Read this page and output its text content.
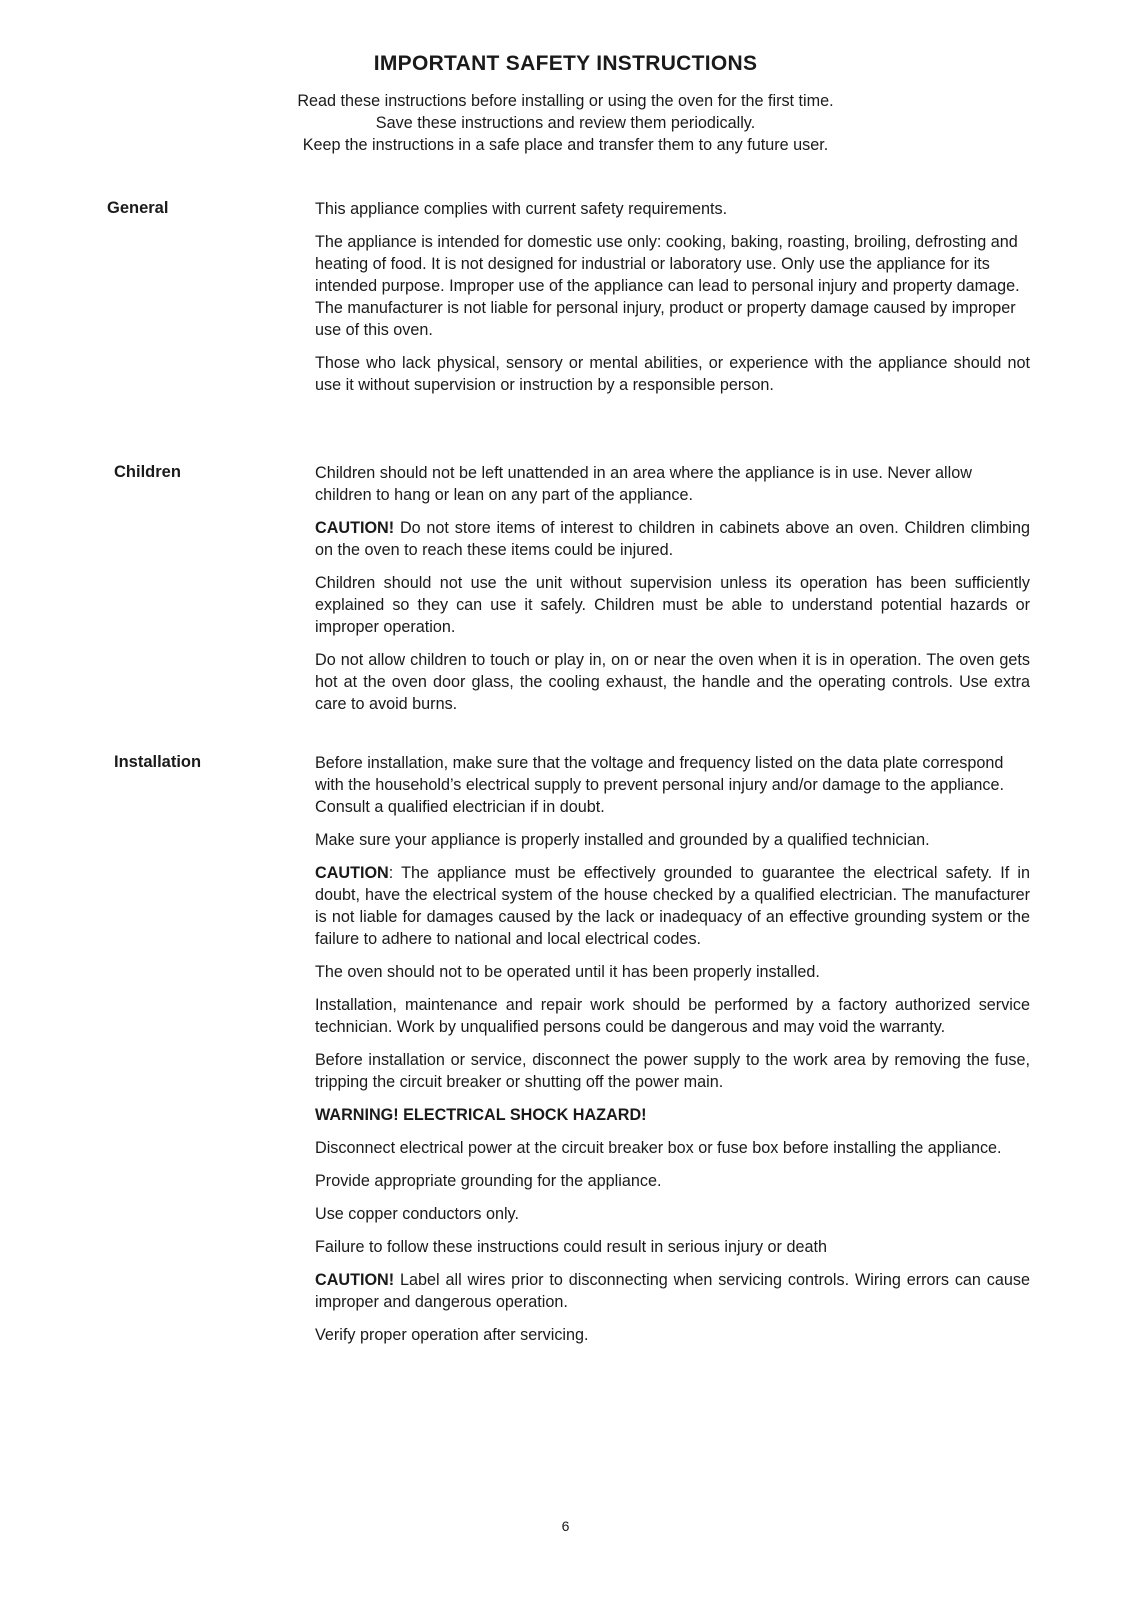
IMPORTANT SAFETY INSTRUCTIONS
Read these instructions before installing or using the oven for the first time.
Save these instructions and review them periodically.
Keep the instructions in a safe place and transfer them to any future user.
General	This appliance complies with current safety requirements.

The appliance is intended for domestic use only: cooking, baking, roasting, broiling, defrosting and heating of food. It is not designed for industrial or laboratory use. Only use the appliance for its intended purpose. Improper use of the appliance can lead to personal injury and property damage. The manufacturer is not liable for personal injury, product or property damage caused by improper use of this oven.

Those who lack physical, sensory or mental abilities, or experience with the appliance should not use it without supervision or instruction by a responsible person.

Children	Children should not be left unattended in an area where the appliance is in use. Never allow children to hang or lean on any part of the appliance.

CAUTION! Do not store items of interest to children in cabinets above an oven. Children climbing on the oven to reach these items could be injured.

Children should not use the unit without supervision unless its operation has been sufficiently explained so they can use it safely. Children must be able to understand potential hazards or improper operation.

Do not allow children to touch or play in, on or near the oven when it is in operation. The oven gets hot at the oven door glass, the cooling exhaust, the handle and the operating controls. Use extra care to avoid burns.

Installation	Before installation, make sure that the voltage and frequency listed on the data plate correspond with the household’s electrical supply to prevent personal injury and/or damage to the appliance. Consult a qualified electrician if in doubt.

Make sure your appliance is properly installed and grounded by a qualified technician.

CAUTION: The appliance must be effectively grounded to guarantee the electrical safety. If in doubt, have the electrical system of the house checked by a qualified electrician. The manufacturer is not liable for damages caused by the lack or inadequacy of an effective grounding system or the failure to adhere to national and local electrical codes.

The oven should not to be operated until it has been properly installed.

Installation, maintenance and repair work should be performed by a factory authorized service technician. Work by unqualified persons could be dangerous and may void the warranty.

Before installation or service, disconnect the power supply to the work area by removing the fuse, tripping the circuit breaker or shutting off the power main.

WARNING! ELECTRICAL SHOCK HAZARD!

Disconnect electrical power at the circuit breaker box or fuse box before installing the appliance.

Provide appropriate grounding for the appliance.

Use copper conductors only.

Failure to follow these instructions could result in serious injury or death

CAUTION! Label all wires prior to disconnecting when servicing controls. Wiring errors can cause improper and dangerous operation.

Verify proper operation after servicing.

6
